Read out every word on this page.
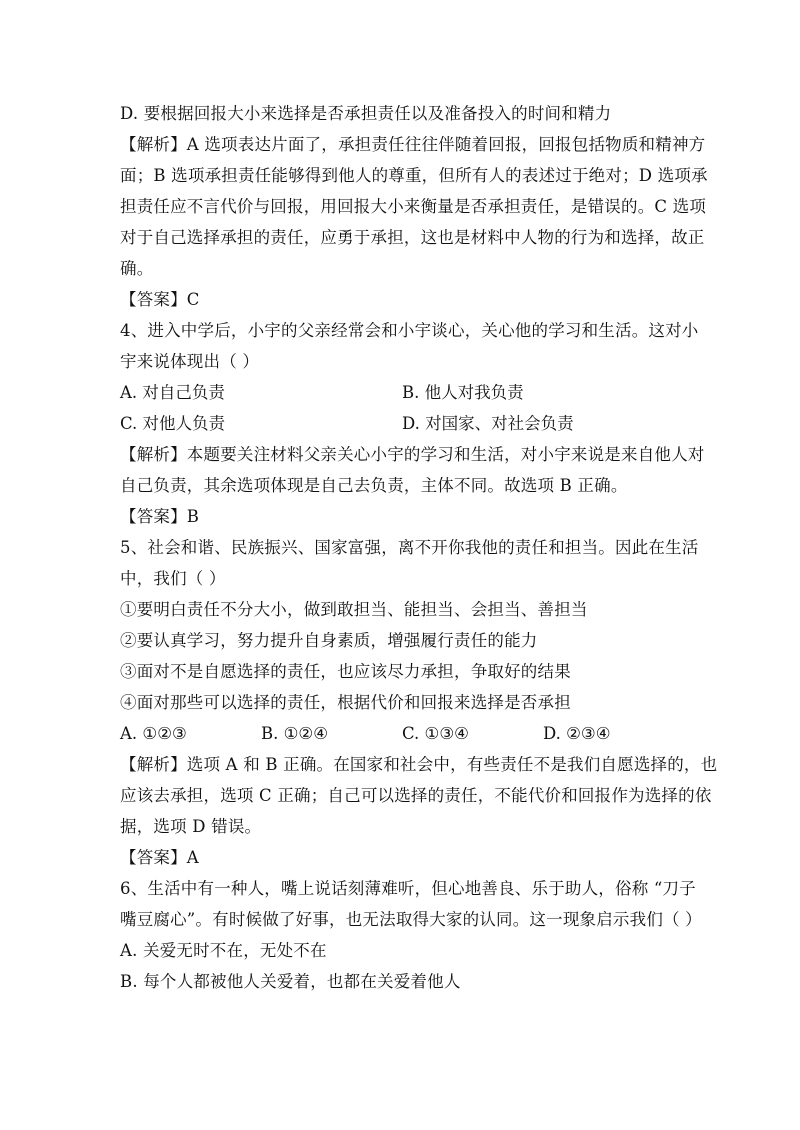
D. 要根据回报大小来选择是否承担责任以及准备投入的时间和精力
【解析】A 选项表达片面了，承担责任往往伴随着回报，回报包括物质和精神方
面；B 选项承担责任能够得到他人的尊重，但所有人的表述过于绝对；D 选项承
担责任应不言代价与回报，用回报大小来衡量是否承担责任，是错误的。C 选项
对于自己选择承担的责任，应勇于承担，这也是材料中人物的行为和选择，故正
确。
【答案】C
4、进入中学后，小宇的父亲经常会和小宇谈心，关心他的学习和生活。这对小
宇来说体现出（ ）
A. 对自己负责	B. 他人对我负责
C. 对他人负责	D. 对国家、对社会负责
【解析】本题要关注材料父亲关心小宇的学习和生活，对小宇来说是来自他人对
自己负责，其余选项体现是自己去负责，主体不同。故选项 B 正确。
【答案】B
5、社会和谐、民族振兴、国家富强，离不开你我他的责任和担当。因此在生活
中，我们（ ）
①要明白责任不分大小，做到敢担当、能担当、会担当、善担当
②要认真学习，努力提升自身素质，增强履行责任的能力
③面对不是自愿选择的责任，也应该尽力承担，争取好的结果
④面对那些可以选择的责任，根据代价和回报来选择是否承担
A. ①②③	B. ①②④	C. ①③④	D. ②③④
【解析】选项 A 和 B 正确。在国家和社会中，有些责任不是我们自愿选择的，也
应该去承担，选项 C 正确；自己可以选择的责任，不能代价和回报作为选择的依
据，选项 D 错误。
【答案】A
6、生活中有一种人，嘴上说话刻薄难听，但心地善良、乐于助人，俗称 “刀子
嘴豆腐心”。有时候做了好事，也无法取得大家的认同。这一现象启示我们（ ）
A. 关爱无时不在，无处不在
B. 每个人都被他人关爱着，也都在关爱着他人
